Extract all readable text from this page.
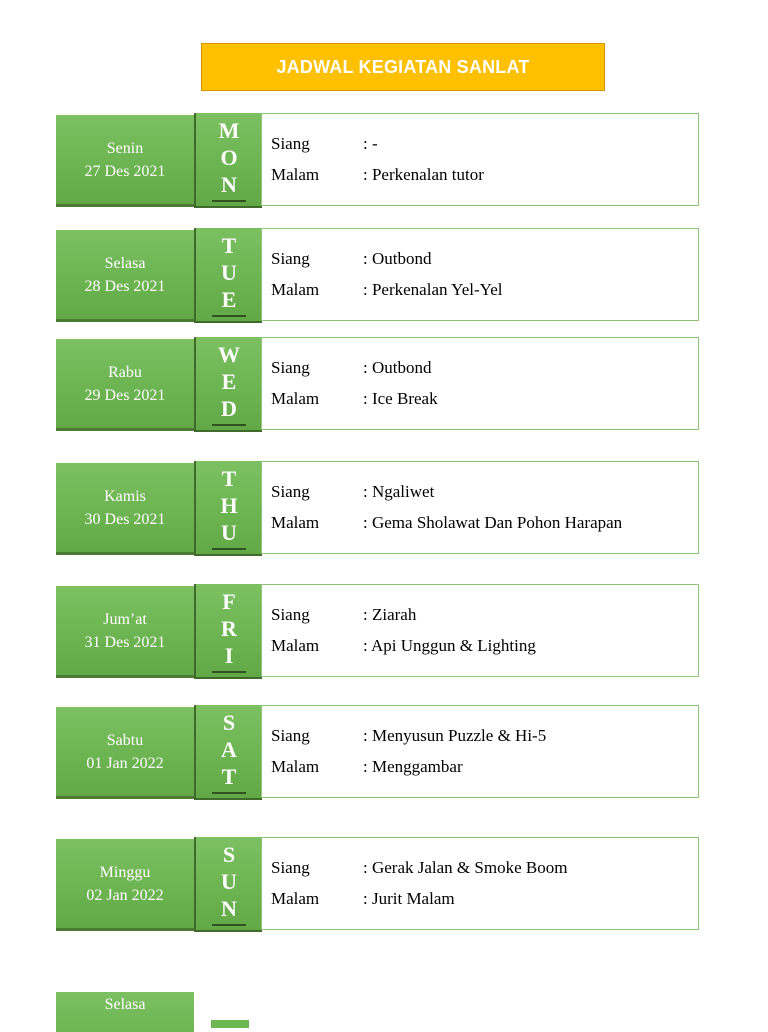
JADWAL KEGIATAN SANLAT
Senin
27 Des 2021
M
O
N
Siang	: -
Malam	: Perkenalan tutor
Selasa
28 Des 2021
T
U
E
Siang	: Outbond
Malam	: Perkenalan Yel-Yel
Rabu
29 Des 2021
W
E
D
Siang	: Outbond
Malam	: Ice Break
Kamis
30 Des 2021
T
H
U
Siang	: Ngaliwet
Malam	: Gema Sholawat Dan Pohon Harapan
Jum’at
31 Des 2021
F
R
I
Siang	: Ziarah
Malam	: Api Unggun & Lighting
Sabtu
01 Jan 2022
S
A
T
Siang	: Menyusun Puzzle & Hi-5
Malam	: Menggambar
Minggu
02 Jan 2022
S
U
N
Siang	: Gerak Jalan & Smoke Boom
Malam	: Jurit Malam
Selasa
